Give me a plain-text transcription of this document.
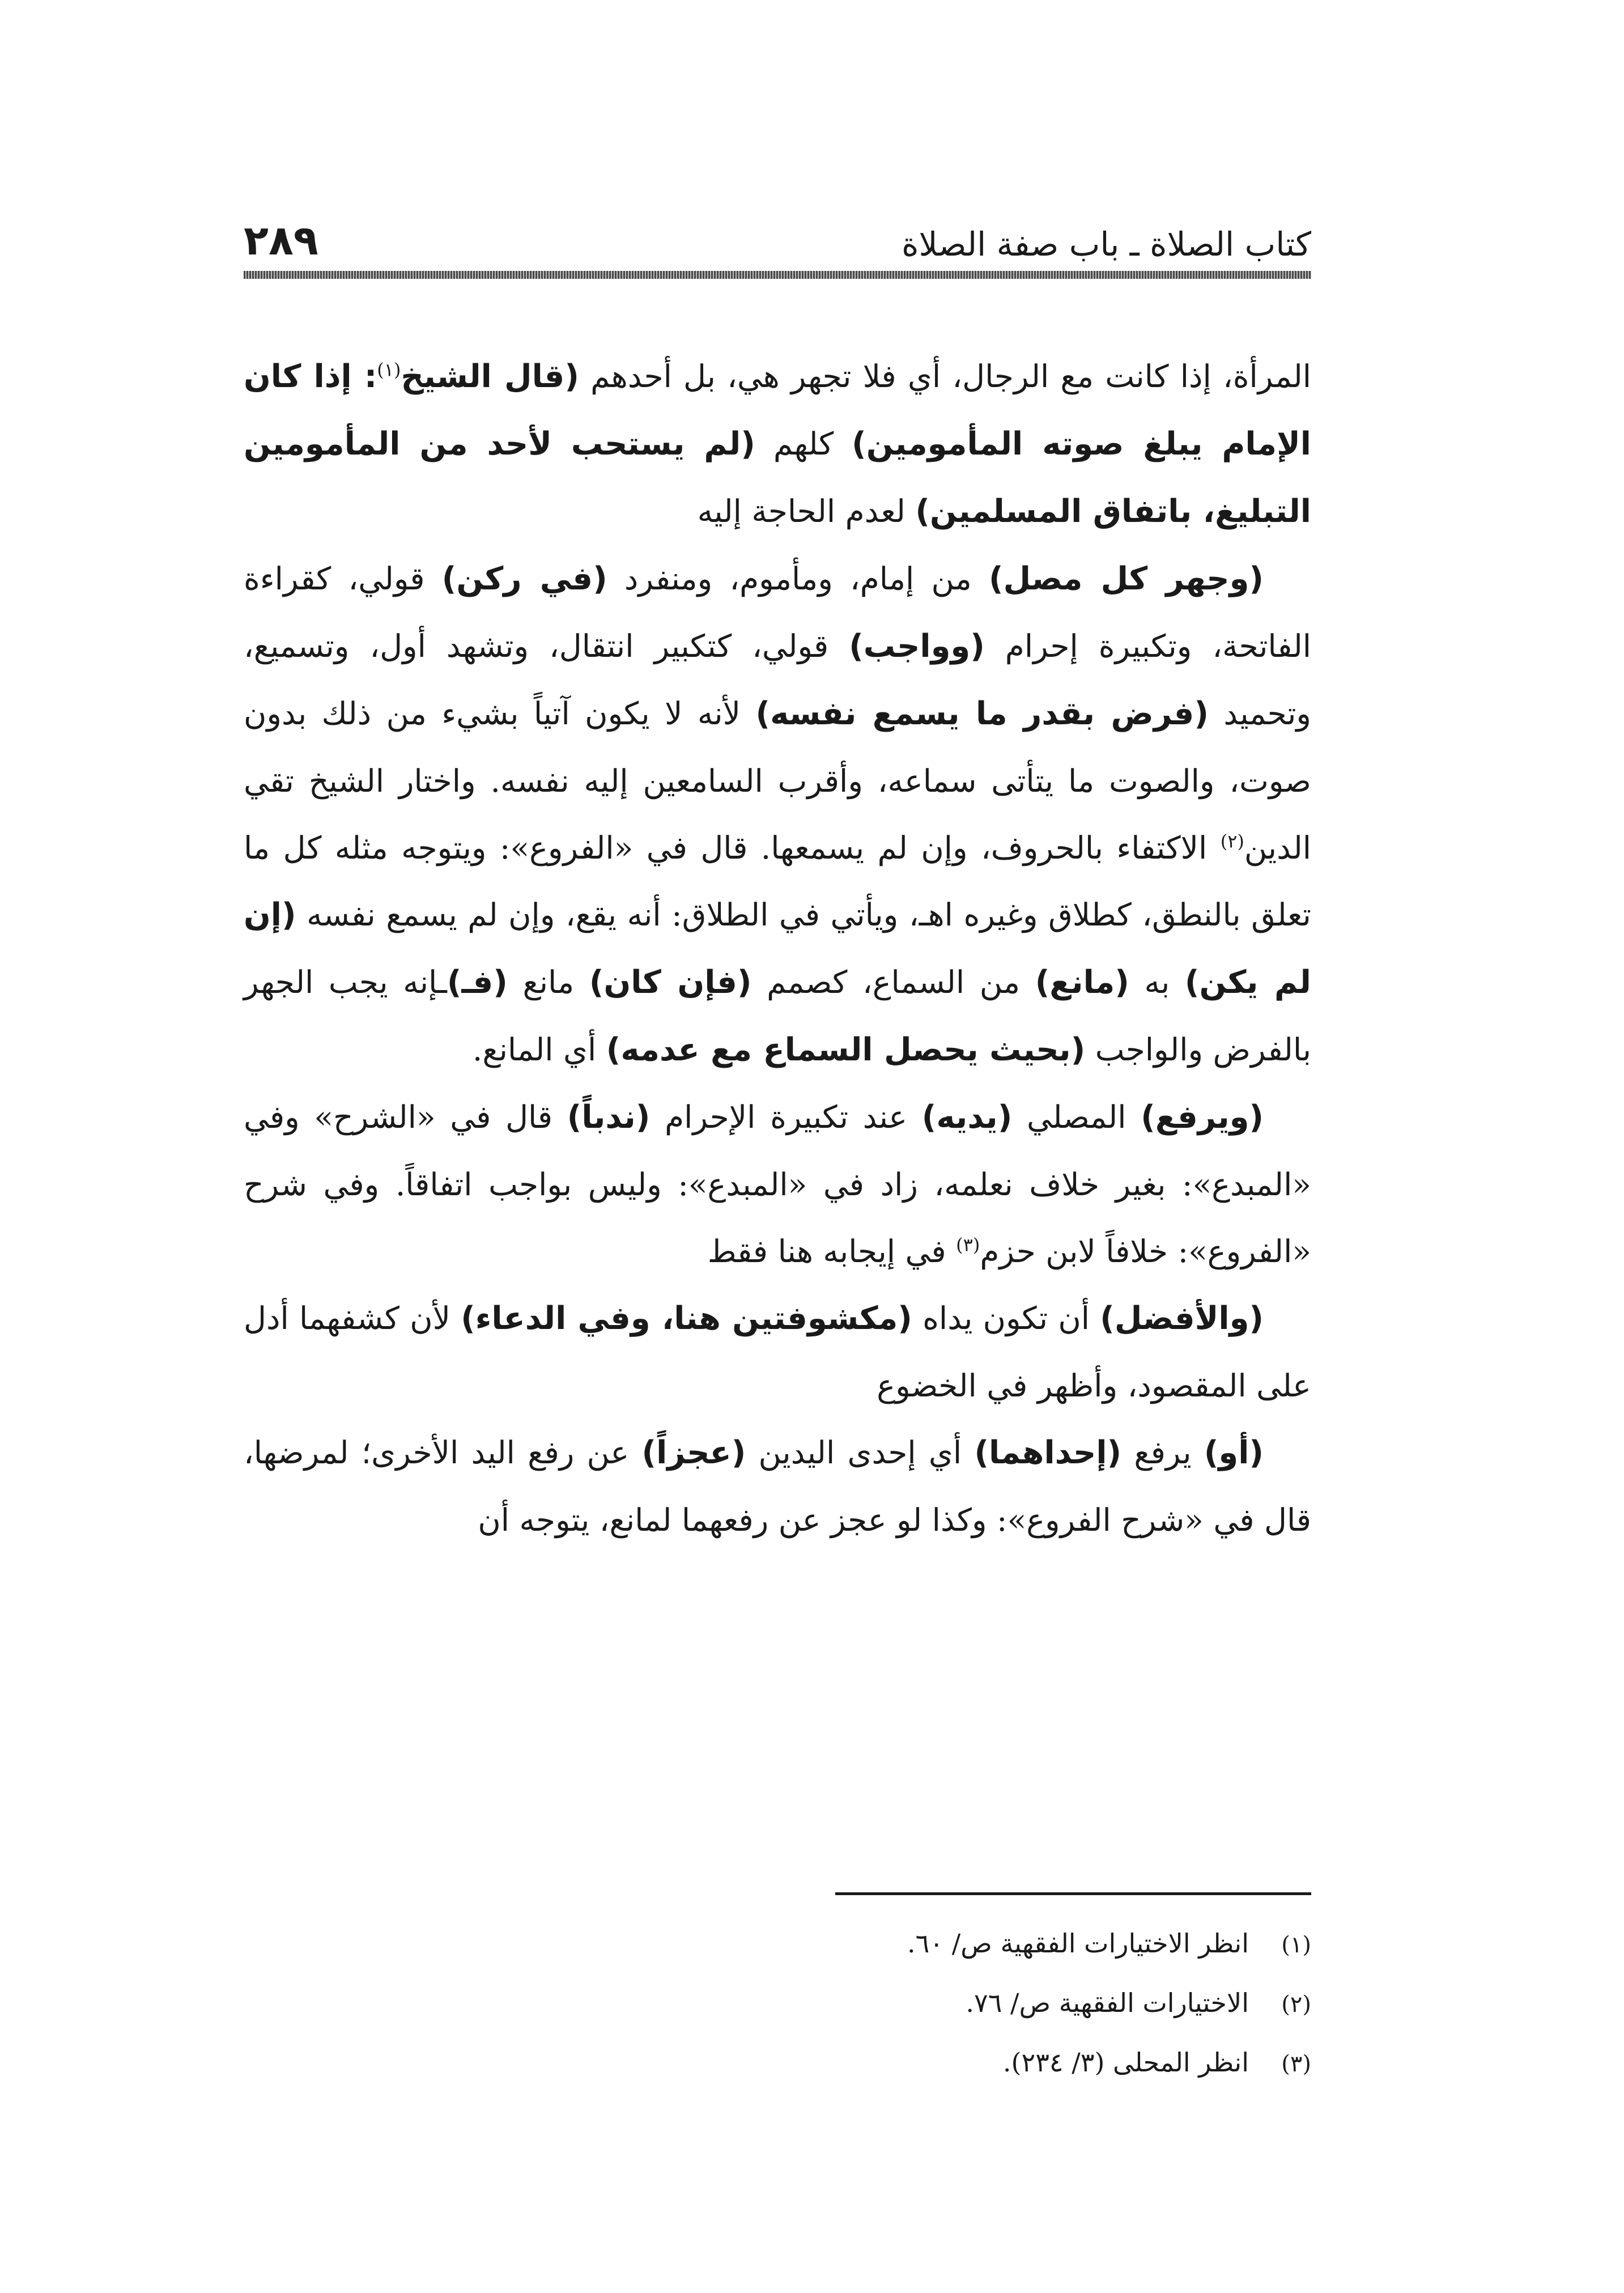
كتاب الصلاة ـ باب صفة الصلاة
٢٨٩

المرأة، إذا كانت مع الرجال، أي فلا تجهر هي، بل أحدهم (قال الشيخ$^{(١)}$: إذا كان الإمام يبلغ صوته المأمومين) كلهم (لم يستحب لأحد من المأمومين التبليغ، باتفاق المسلمين) لعدم الحاجة إليه

(وجهر كل مصل) من إمام، ومأموم، ومنفرد (في ركن) قولي، كقراءة الفاتحة، وتكبيرة إحرام (وواجب) قولي، كتكبير انتقال، وتشهد أول، وتسميع، وتحميد (فرض بقدر ما يسمع نفسه) لأنه لا يكون آتياً بشيء من ذلك بدون صوت، والصوت ما يتأتى سماعه، وأقرب السامعين إليه نفسه. واختار الشيخ تقي الدين$^{(٢)}$ الاكتفاء بالحروف، وإن لم يسمعها. قال في «الفروع»: ويتوجه مثله كل ما تعلق بالنطق، كطلاق وغيره اهـ، ويأتي في الطلاق: أنه يقع، وإن لم يسمع نفسه (إن لم يكن) به (مانع) من السماع، كصمم (فإن كان) مانع (فـ)ـإنه يجب الجهر بالفرض والواجب (بحيث يحصل السماع مع عدمه) أي المانع.

(ويرفع) المصلي (يديه) عند تكبيرة الإحرام (ندباً) قال في «الشرح» وفي «المبدع»: بغير خلاف نعلمه، زاد في «المبدع»: وليس بواجب اتفاقاً. وفي شرح «الفروع»: خلافاً لابن حزم$^{(٣)}$ في إيجابه هنا فقط

(والأفضل) أن تكون يداه (مكشوفتين هنا، وفي الدعاء) لأن كشفهما أدل على المقصود، وأظهر في الخضوع

(أو) يرفع (إحداهما) أي إحدى اليدين (عجزاً) عن رفع اليد الأخرى؛ لمرضها، قال في «شرح الفروع»: وكذا لو عجز عن رفعهما لمانع، يتوجه أن

(١)
انظر الاختيارات الفقهية ص/ ٦٠.
(٢)
الاختيارات الفقهية ص/ ٧٦.
(٣)
انظر المحلى (٣/ ٢٣٤).
